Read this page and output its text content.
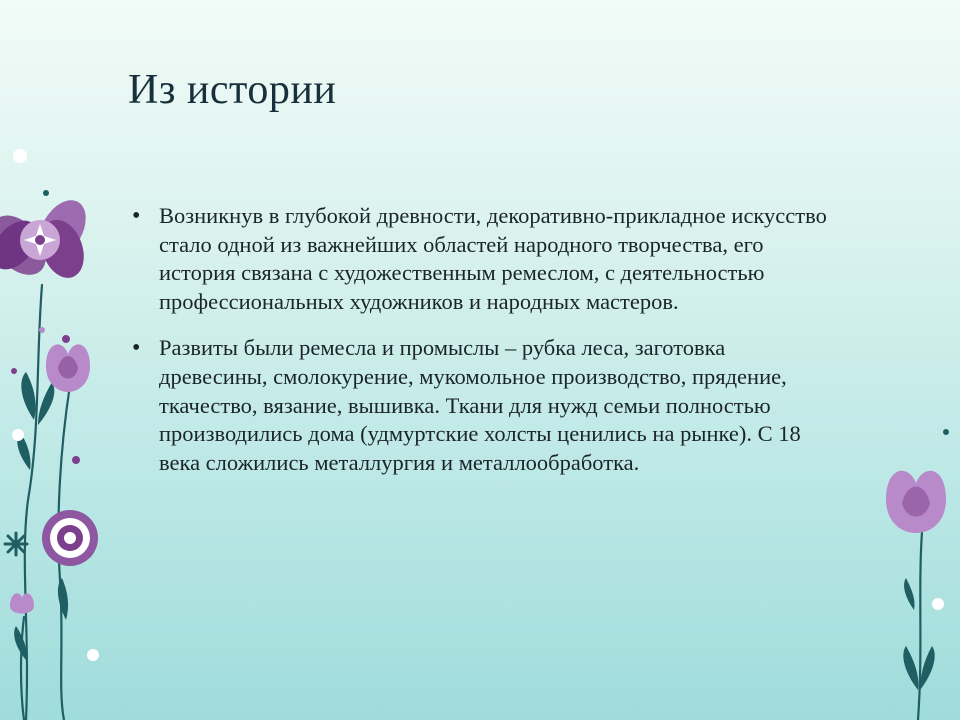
Из истории
• Возникнув в глубокой древности, декоративно-прикладное искусство стало одной из важнейших областей народного творчества, его история связана с художественным ремеслом, с деятельностью профессиональных художников и народных мастеров.
• Развиты были ремесла и промыслы – рубка леса, заготовка древесины, смолокурение, мукомольное производство, прядение, ткачество, вязание, вышивка. Ткани для нужд семьи полностью производились дома (удмуртские холсты ценились на рынке). С 18 века сложились металлургия и металлообработка.
